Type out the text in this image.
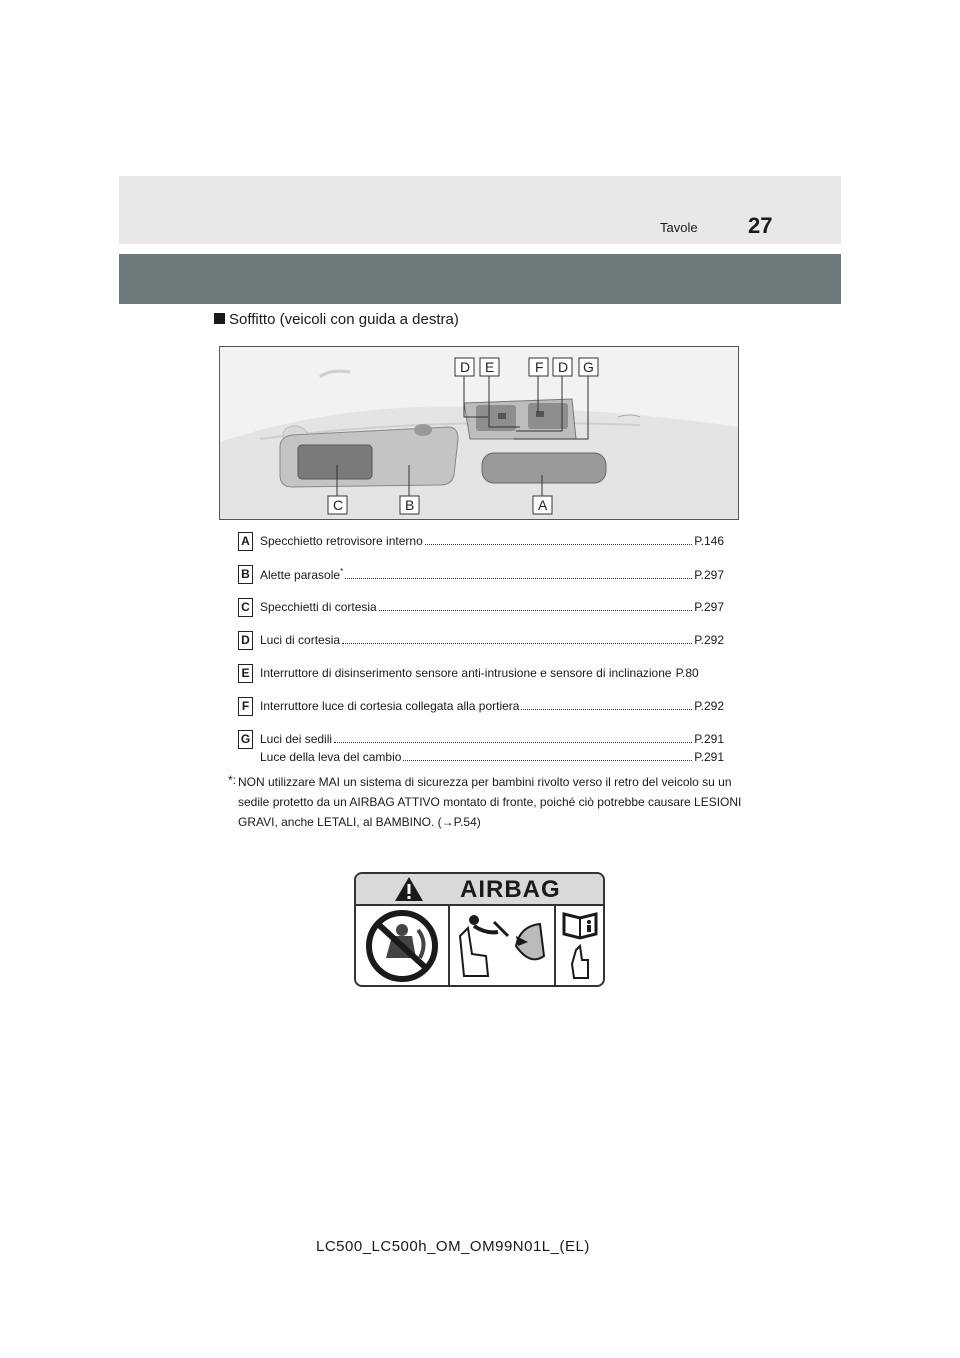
Tavole 27
Soffitto (veicoli con guida a destra)
D E	F D G
C	B	A
A Specchietto retrovisore interno	P.146
B Alette parasole*	P.297
C Specchietti di cortesia	P.297
D Luci di cortesia	P.292
E Interruttore di disinserimento sensore anti-intrusione e sensore di inclinazione P.80
F Interruttore luce di cortesia collegata alla portiera	P.292
G Luci dei sedili	P.291
Luce della leva del cambio	P.291
*: NON utilizzare MAI un sistema di sicurezza per bambini rivolto verso il retro del veicolo su un sedile protetto da un AIRBAG ATTIVO montato di fronte, poiché ciò potrebbe causare LESIONI GRAVI, anche LETALI, al BAMBINO. (→P.54)
AIRBAG
LC500_LC500h_OM_OM99N01L_(EL)
